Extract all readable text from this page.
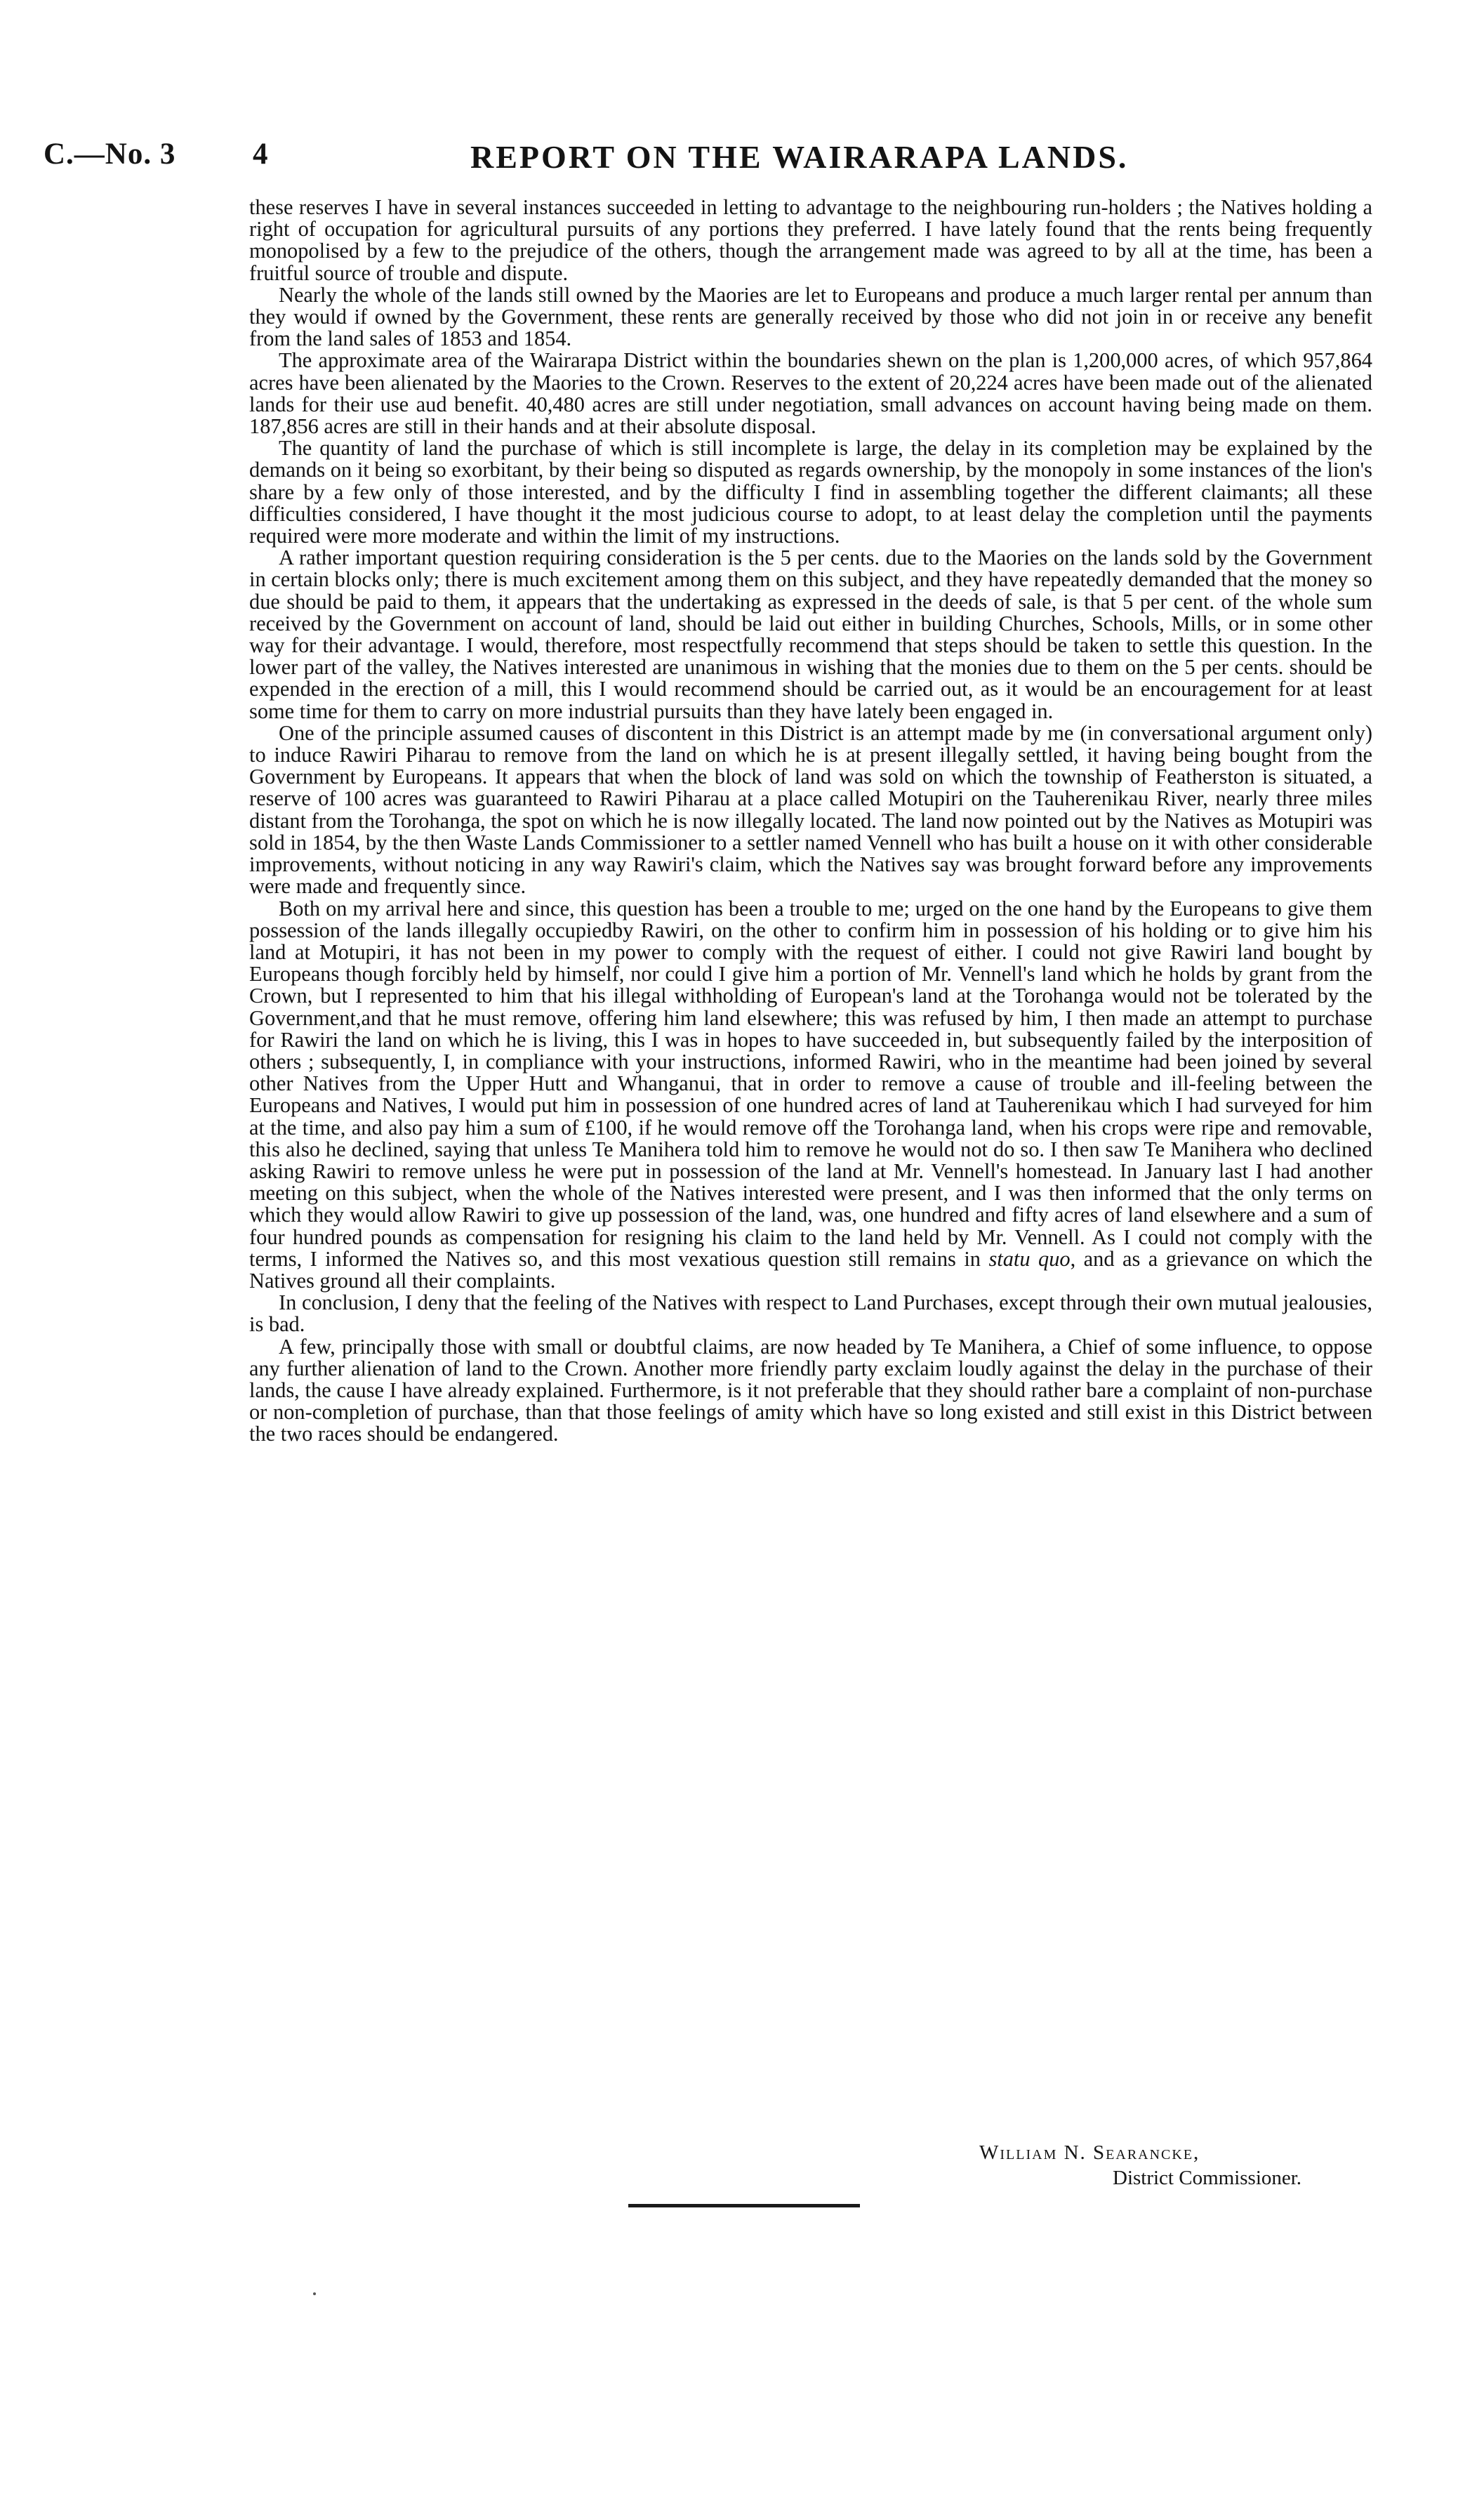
C.—No. 3	4	REPORT ON THE WAIRARAPA LANDS.

these reserves I have in several instances succeeded in letting to advantage to the neighbouring run-holders ; the Natives holding a right of occupation for agricultural pursuits of any portions they preferred. I have lately found that the rents being frequently monopolised by a few to the prejudice of the others, though the arrangement made was agreed to by all at the time, has been a fruitful source of trouble and dispute.

Nearly the whole of the lands still owned by the Maories are let to Europeans and produce a much larger rental per annum than they would if owned by the Government, these rents are generally received by those who did not join in or receive any benefit from the land sales of 1853 and 1854.

The approximate area of the Wairarapa District within the boundaries shewn on the plan is 1,200,000 acres, of which 957,864 acres have been alienated by the Maories to the Crown. Reserves to the extent of 20,224 acres have been made out of the alienated lands for their use aud benefit. 40,480 acres are still under negotiation, small advances on account having being made on them. 187,856 acres are still in their hands and at their absolute disposal.

The quantity of land the purchase of which is still incomplete is large, the delay in its completion may be explained by the demands on it being so exorbitant, by their being so disputed as regards ownership, by the monopoly in some instances of the lion's share by a few only of those interested, and by the difficulty I find in assembling together the different claimants; all these difficulties considered, I have thought it the most judicious course to adopt, to at least delay the completion until the payments required were more moderate and within the limit of my instructions.

A rather important question requiring consideration is the 5 per cents. due to the Maories on the lands sold by the Government in certain blocks only; there is much excitement among them on this subject, and they have repeatedly demanded that the money so due should be paid to them, it appears that the undertaking as expressed in the deeds of sale, is that 5 per cent. of the whole sum received by the Government on account of land, should be laid out either in building Churches, Schools, Mills, or in some other way for their advantage. I would, therefore, most respectfully recommend that steps should be taken to settle this question. In the lower part of the valley, the Natives interested are unanimous in wishing that the monies due to them on the 5 per cents. should be expended in the erection of a mill, this I would recommend should be carried out, as it would be an encouragement for at least some time for them to carry on more industrial pursuits than they have lately been engaged in.

One of the principle assumed causes of discontent in this District is an attempt made by me (in conversational argument only) to induce Rawiri Piharau to remove from the land on which he is at present illegally settled, it having being bought from the Government by Europeans. It appears that when the block of land was sold on which the township of Featherston is situated, a reserve of 100 acres was guaranteed to Rawiri Piharau at a place called Motupiri on the Tauherenikau River, nearly three miles distant from the Torohanga, the spot on which he is now illegally located. The land now pointed out by the Natives as Motupiri was sold in 1854, by the then Waste Lands Commissioner to a settler named Vennell who has built a house on it with other considerable improvements, without noticing in any way Rawiri's claim, which the Natives say was brought forward before any improvements were made and frequently since.

Both on my arrival here and since, this question has been a trouble to me; urged on the one hand by the Europeans to give them possession of the lands illegally occupiedby Rawiri, on the other to confirm him in possession of his holding or to give him his land at Motupiri, it has not been in my power to comply with the request of either. I could not give Rawiri land bought by Europeans though forcibly held by himself, nor could I give him a portion of Mr. Vennell's land which he holds by grant from the Crown, but I represented to him that his illegal withholding of European's land at the Torohanga would not be tolerated by the Government,and that he must remove, offering him land elsewhere; this was refused by him, I then made an attempt to purchase for Rawiri the land on which he is living, this I was in hopes to have succeeded in, but subsequently failed by the interposition of others ; subsequently, I, in compliance with your instructions, informed Rawiri, who in the meantime had been joined by several other Natives from the Upper Hutt and Whanganui, that in order to remove a cause of trouble and ill-feeling between the Europeans and Natives, I would put him in possession of one hundred acres of land at Tauherenikau which I had surveyed for him at the time, and also pay him a sum of £100, if he would remove off the Torohanga land, when his crops were ripe and removable, this also he declined, saying that unless Te Manihera told him to remove he would not do so. I then saw Te Manihera who declined asking Rawiri to remove unless he were put in possession of the land at Mr. Vennell's homestead. In January last I had another meeting on this subject, when the whole of the Natives interested were present, and I was then informed that the only terms on which they would allow Rawiri to give up possession of the land, was, one hundred and fifty acres of land elsewhere and a sum of four hundred pounds as compensation for resigning his claim to the land held by Mr. Vennell. As I could not comply with the terms, I informed the Natives so, and this most vexatious question still remains in statu quo, and as a grievance on which the Natives ground all their complaints.

In conclusion, I deny that the feeling of the Natives with respect to Land Purchases, except through their own mutual jealousies, is bad.

A few, principally those with small or doubtful claims, are now headed by Te Manihera, a Chief of some influence, to oppose any further alienation of land to the Crown. Another more friendly party exclaim loudly against the delay in the purchase of their lands, the cause I have already explained. Furthermore, is it not preferable that they should rather bare a complaint of non-purchase or non-completion of purchase, than that those feelings of amity which have so long existed and still exist in this District between the two races should be endangered.

William N. Searancke,
District Commissioner.
